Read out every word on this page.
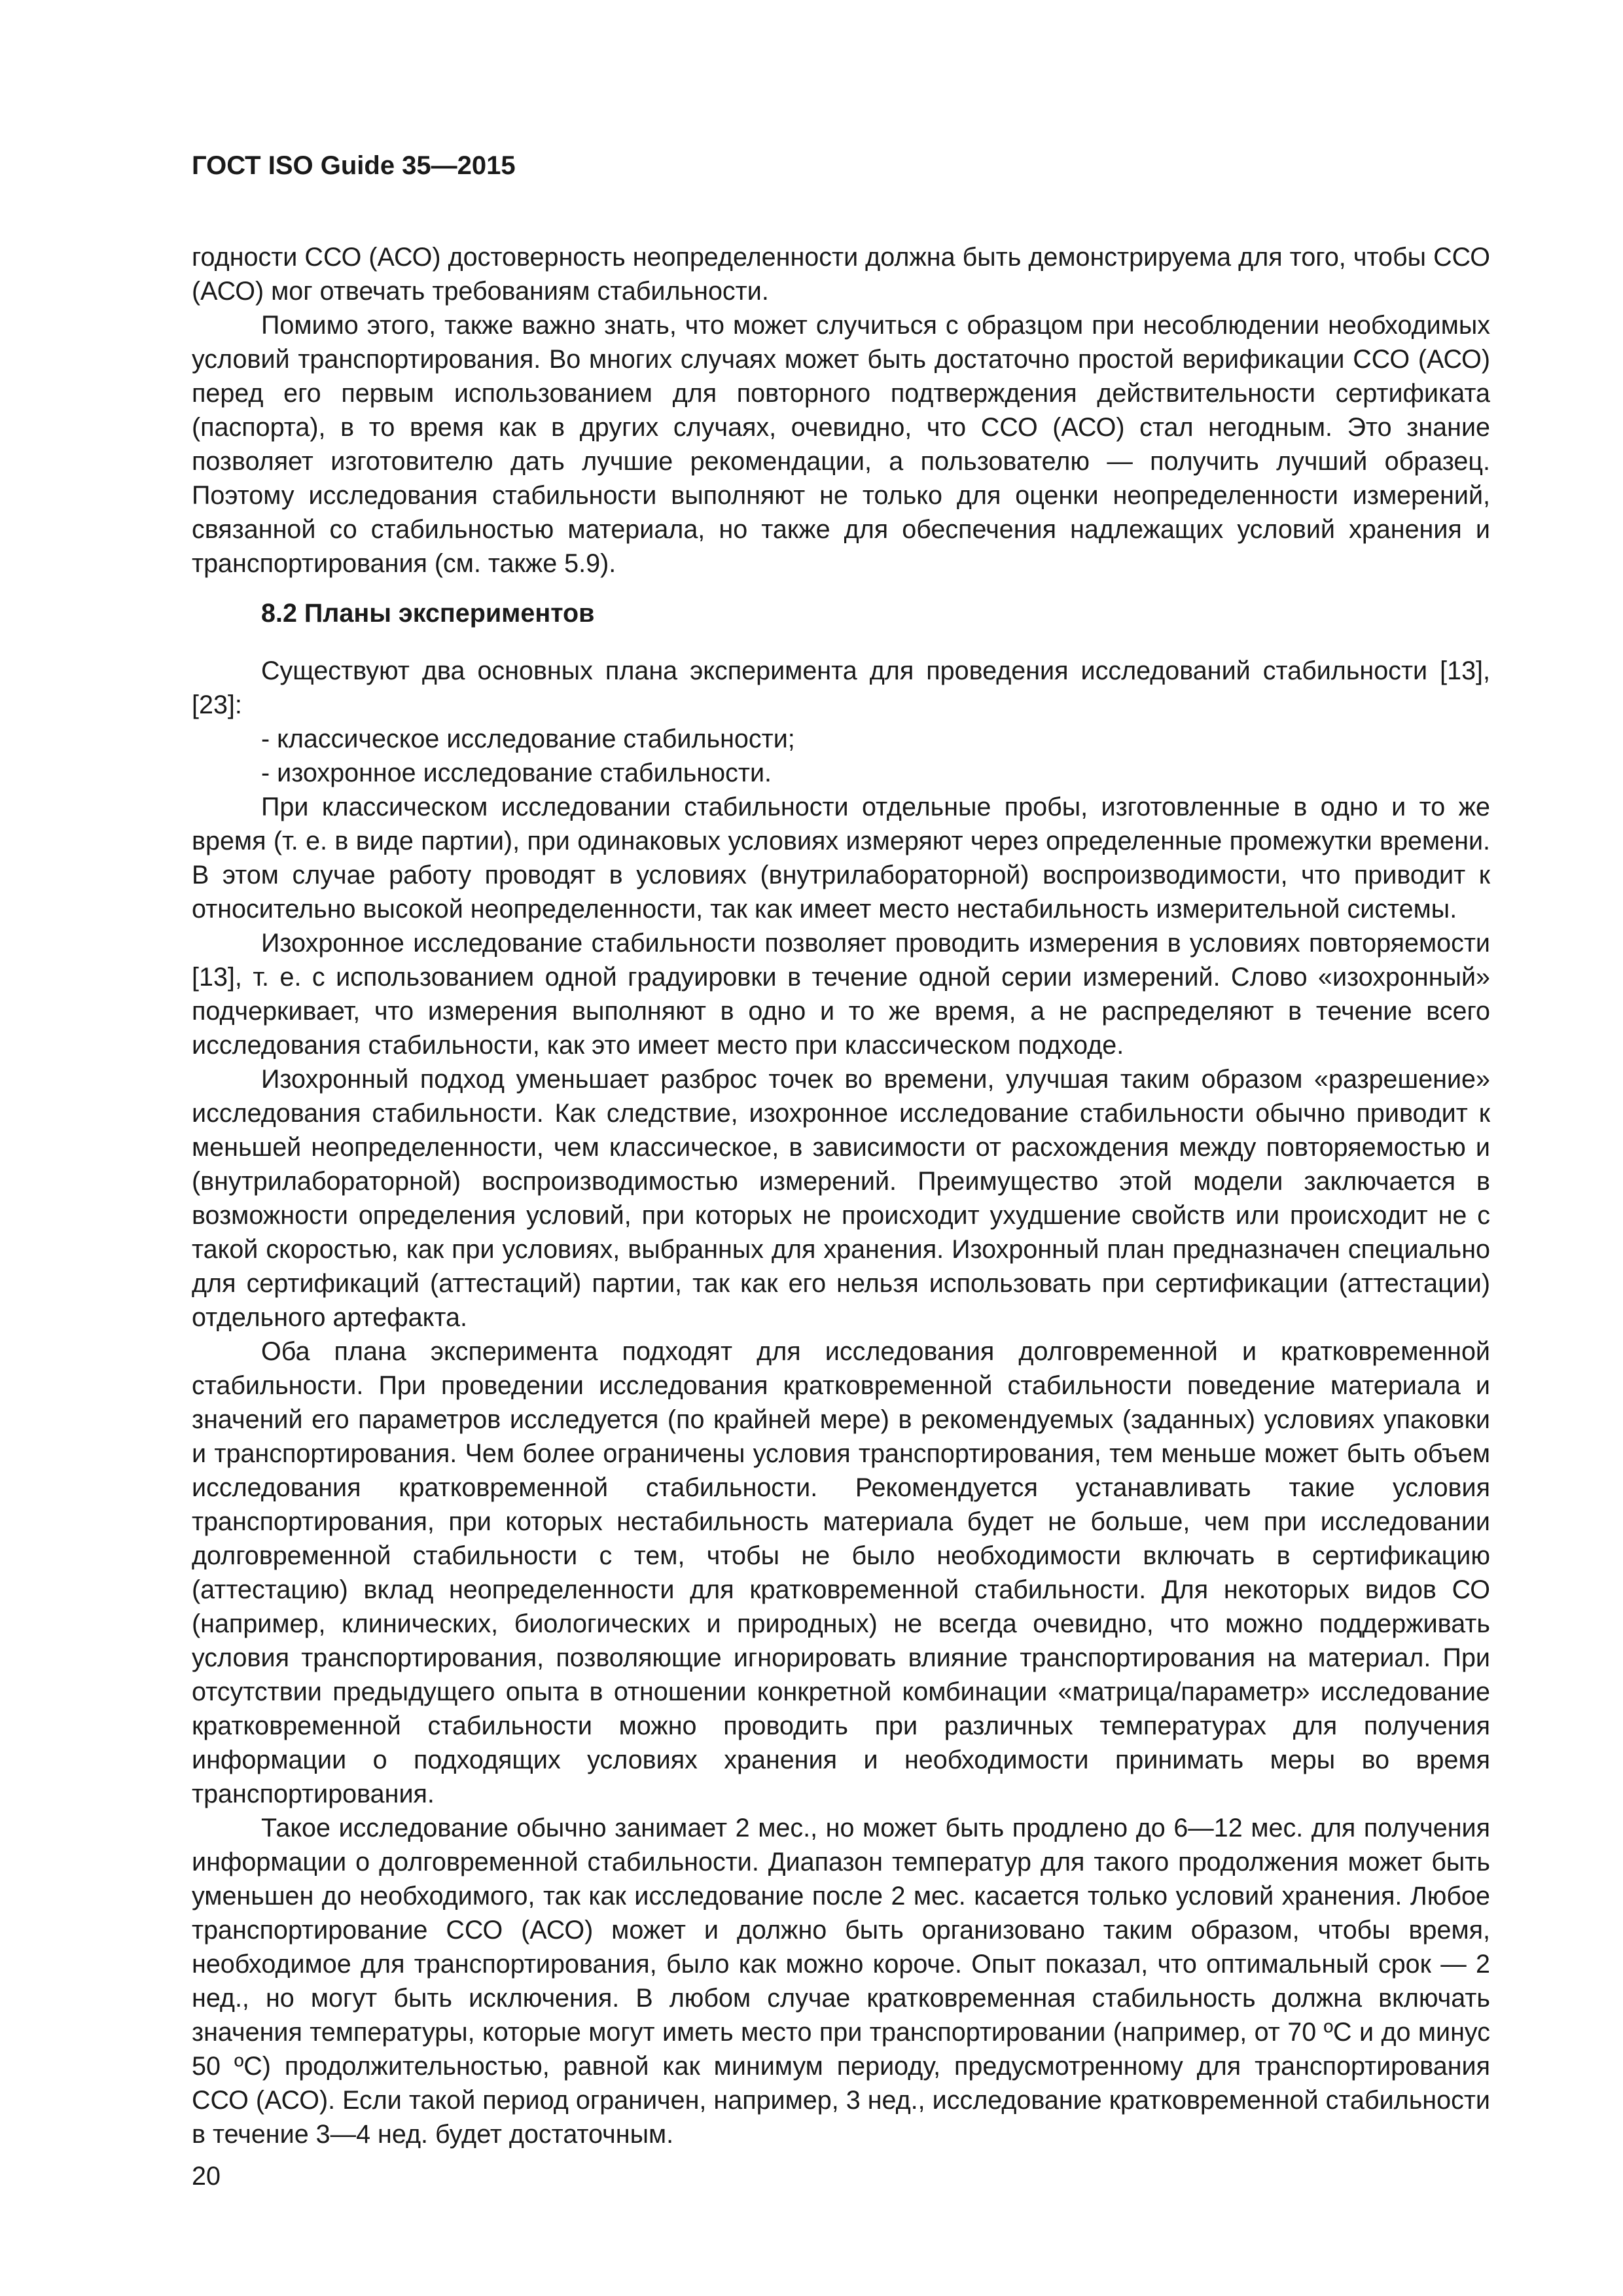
ГОСТ ISO Guide 35—2015

годности ССО (АСО) достоверность неопределенности должна быть демонстрируема для того, чтобы ССО (АСО) мог отвечать требованиям стабильности.

Помимо этого, также важно знать, что может случиться с образцом при несоблюдении необходимых условий транспортирования. Во многих случаях может быть достаточно простой верификации ССО (АСО) перед его первым использованием для повторного подтверждения действительности сертификата (паспорта), в то время как в других случаях, очевидно, что ССО (АСО) стал негодным. Это знание позволяет изготовителю дать лучшие рекомендации, а пользователю — получить лучший образец. Поэтому исследования стабильности выполняют не только для оценки неопределенности измерений, связанной со стабильностью материала, но также для обеспечения надлежащих условий хранения и транспортирования (см. также 5.9).

8.2 Планы экспериментов

Существуют два основных плана эксперимента для проведения исследований стабильности [13], [23]:

- классическое исследование стабильности;

- изохронное исследование стабильности.

При классическом исследовании стабильности отдельные пробы, изготовленные в одно и то же время (т. е. в виде партии), при одинаковых условиях измеряют через определенные промежутки времени. В этом случае работу проводят в условиях (внутрилабораторной) воспроизводимости, что приводит к относительно высокой неопределенности, так как имеет место нестабильность измерительной системы.

Изохронное исследование стабильности позволяет проводить измерения в условиях повторяемости [13], т. е. с использованием одной градуировки в течение одной серии измерений. Слово «изохронный» подчеркивает, что измерения выполняют в одно и то же время, а не распределяют в течение всего исследования стабильности, как это имеет место при классическом подходе.

Изохронный подход уменьшает разброс точек во времени, улучшая таким образом «разрешение» исследования стабильности. Как следствие, изохронное исследование стабильности обычно приводит к меньшей неопределенности, чем классическое, в зависимости от расхождения между повторяемостью и (внутрилабораторной) воспроизводимостью измерений. Преимущество этой модели заключается в возможности определения условий, при которых не происходит ухудшение свойств или происходит не с такой скоростью, как при условиях, выбранных для хранения. Изохронный план предназначен специально для сертификаций (аттестаций) партии, так как его нельзя использовать при сертификации (аттестации) отдельного артефакта.

Оба плана эксперимента подходят для исследования долговременной и кратковременной стабильности. При проведении исследования кратковременной стабильности поведение материала и значений его параметров исследуется (по крайней мере) в рекомендуемых (заданных) условиях упаковки и транспортирования. Чем более ограничены условия транспортирования, тем меньше может быть объем исследования кратковременной стабильности. Рекомендуется устанавливать такие условия транспортирования, при которых нестабильность материала будет не больше, чем при исследовании долговременной стабильности с тем, чтобы не было необходимости включать в сертификацию (аттестацию) вклад неопределенности для кратковременной стабильности. Для некоторых видов СО (например, клинических, биологических и природных) не всегда очевидно, что можно поддерживать условия транспортирования, позволяющие игнорировать влияние транспортирования на материал. При отсутствии предыдущего опыта в отношении конкретной комбинации «матрица/параметр» исследование кратковременной стабильности можно проводить при различных температурах для получения информации о подходящих условиях хранения и необходимости принимать меры во время транспортирования.

Такое исследование обычно занимает 2 мес., но может быть продлено до 6—12 мес. для получения информации о долговременной стабильности. Диапазон температур для такого продолжения может быть уменьшен до необходимого, так как исследование после 2 мес. касается только условий хранения. Любое транспортирование ССО (АСО) может и должно быть организовано таким образом, чтобы время, необходимое для транспортирования, было как можно короче. Опыт показал, что оптимальный срок — 2 нед., но могут быть исключения. В любом случае кратковременная стабильность должна включать значения температуры, которые могут иметь место при транспортировании (например, от 70 ºС и до минус 50 ºС) продолжительностью, равной как минимум периоду, предусмотренному для транспортирования ССО (АСО). Если такой период ограничен, например, 3 нед., исследование кратковременной стабильности в течение 3—4 нед. будет достаточным.

20
